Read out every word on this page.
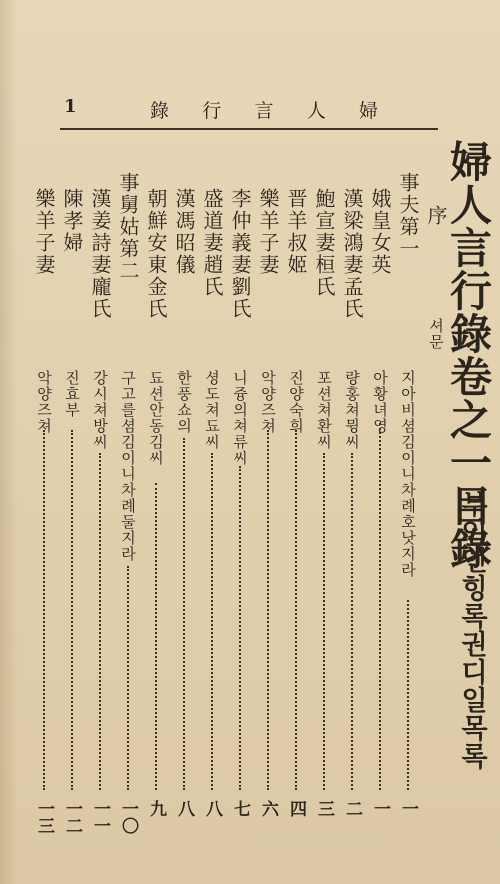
1	錄 行 言 人 婦
婦人言行錄卷之一目錄
부인언힝록권디일목록
序
事夫第一
娥皇女英
漢梁鴻妻孟氏
鮑宣妻桓氏
晋羊叔姬
樂羊子妻
李仲義妻劉氏
盛道妻趙氏
漢馮昭儀
朝鮮安東金氏
事舅姑第二
漢姜詩妻龐氏
陳孝婦
樂羊子妻
셔문
지아비셤김이니차례호낫지라
아황녀영
량홍쳐뮝씨
포션쳐환씨
진양숙희
악양즈쳐
니즁의쳐류씨
셩도쳐됴씨
한풍쇼의
됴션안동김씨
구고를셤김이니차례둘지라
강시쳐방씨
진효부
악양즈쳐
一
一
二
三
四
六
七
八
八
九
一〇
一一
一二
一三
